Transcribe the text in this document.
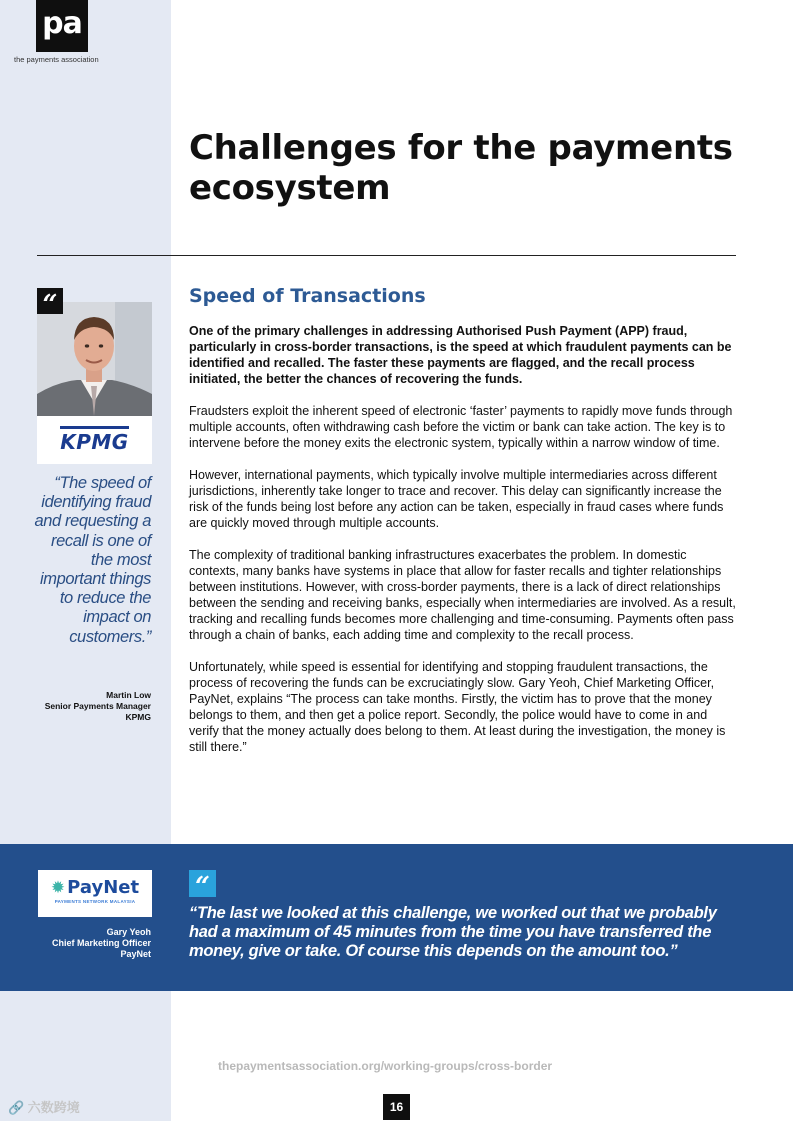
pa
the payments association
Challenges for the payments ecosystem
“
KPMG
“The speed of identifying fraud and requesting a recall is one of the most important things to reduce the impact on customers.”
Martin Low
Senior Payments Manager
KPMG
Speed of Transactions

One of the primary challenges in addressing Authorised Push Payment (APP) fraud, particularly in cross-border transactions, is the speed at which fraudulent payments can be identified and recalled. The faster these payments are flagged, and the recall process initiated, the better the chances of recovering the funds.

Fraudsters exploit the inherent speed of electronic ‘faster’ payments to rapidly move funds through multiple accounts, often withdrawing cash before the victim or bank can take action. The key is to intervene before the money exits the electronic system, typically within a narrow window of time.

However, international payments, which typically involve multiple intermediaries across different jurisdictions, inherently take longer to trace and recover. This delay can significantly increase the risk of the funds being lost before any action can be taken, especially in fraud cases where funds are quickly moved through multiple accounts.

The complexity of traditional banking infrastructures exacerbates the problem. In domestic contexts, many banks have systems in place that allow for faster recalls and tighter relationships between institutions. However, with cross-border payments, there is a lack of direct relationships between the sending and receiving banks, especially when intermediaries are involved. As a result, tracking and recalling funds becomes more challenging and time-consuming. Payments often pass through a chain of banks, each adding time and complexity to the recall process.

Unfortunately, while speed is essential for identifying and stopping fraudulent transactions, the process of recovering the funds can be excruciatingly slow. Gary Yeoh, Chief Marketing Officer, PayNet, explains “The process can take months. Firstly, the victim has to prove that the money belongs to them, and then get a police report. Secondly, the police would have to come in and verify that the money actually does belong to them. At least during the investigation, the money is still there.”

✹ PayNet
PAYMENTS NETWORK MALAYSIA
Gary Yeoh
Chief Marketing Officer
PayNet
“
“The last we looked at this challenge, we worked out that we probably had a maximum of 45 minutes from the time you have transferred the money, give or take. Of course this depends on the amount too.”
thepaymentsassociation.org/working-groups/cross-border
16
🔗 六数跨境
